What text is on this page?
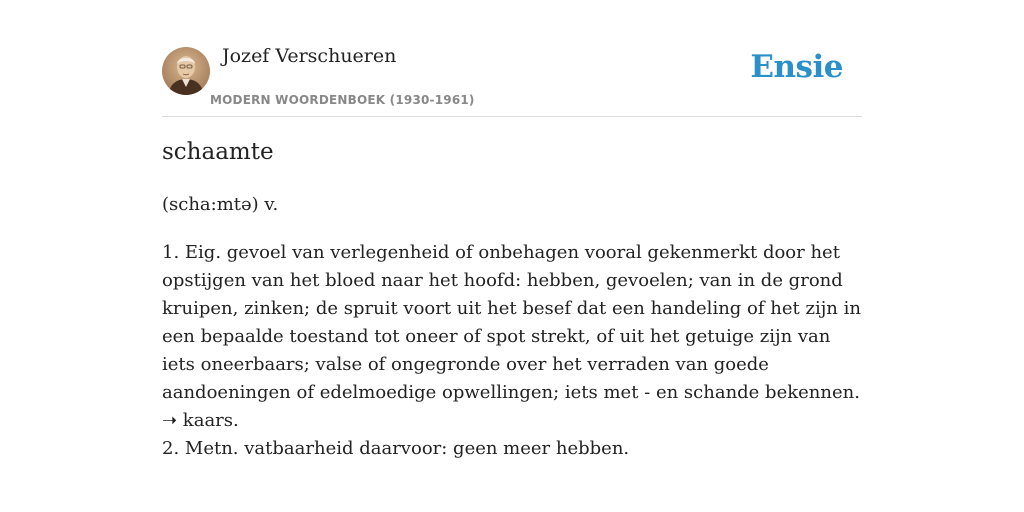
Jozef Verschueren
MODERN WOORDENBOEK (1930-1961)
Ensie
schaamte

(scha:mtə) v.

1. Eig. gevoel van verlegenheid of onbehagen vooral gekenmerkt door het opstijgen van het bloed naar het hoofd: hebben, gevoelen; van in de grond kruipen, zinken; de spruit voort uit het besef dat een handeling of het zijn in een bepaalde toestand tot oneer of spot strekt, of uit het getuige zijn van iets oneerbaars; valse of ongegronde over het verraden van goede aandoeningen of edelmoedige opwellingen; iets met - en schande bekennen. ➝ kaars.

2. Metn. vatbaarheid daarvoor: geen meer hebben.
